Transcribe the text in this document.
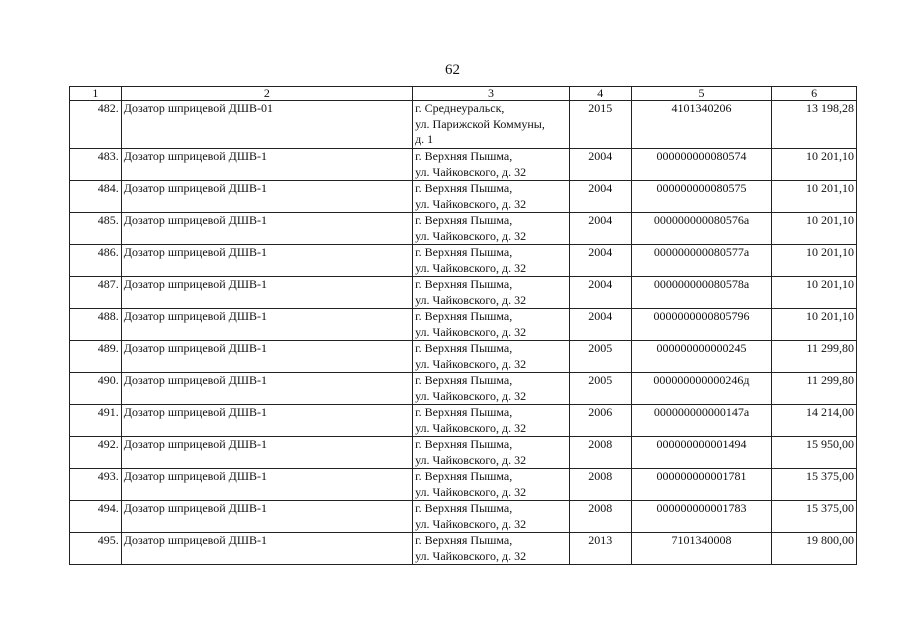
62
1	2	3	4	5	6
482.	Дозатор шприцевой ДШВ-01	г. Среднеуральск,
ул. Парижской Коммуны,
д. 1	2015	4101340206	13 198,28
483.	Дозатор шприцевой ДШВ-1	г. Верхняя Пышма,
ул. Чайковского, д. 32	2004	000000000080574	10 201,10
484.	Дозатор шприцевой ДШВ-1	г. Верхняя Пышма,
ул. Чайковского, д. 32	2004	000000000080575	10 201,10
485.	Дозатор шприцевой ДШВ-1	г. Верхняя Пышма,
ул. Чайковского, д. 32	2004	000000000080576а	10 201,10
486.	Дозатор шприцевой ДШВ-1	г. Верхняя Пышма,
ул. Чайковского, д. 32	2004	000000000080577а	10 201,10
487.	Дозатор шприцевой ДШВ-1	г. Верхняя Пышма,
ул. Чайковского, д. 32	2004	000000000080578а	10 201,10
488.	Дозатор шприцевой ДШВ-1	г. Верхняя Пышма,
ул. Чайковского, д. 32	2004	0000000000805796	10 201,10
489.	Дозатор шприцевой ДШВ-1	г. Верхняя Пышма,
ул. Чайковского, д. 32	2005	000000000000245	11 299,80
490.	Дозатор шприцевой ДШВ-1	г. Верхняя Пышма,
ул. Чайковского, д. 32	2005	000000000000246д	11 299,80
491.	Дозатор шприцевой ДШВ-1	г. Верхняя Пышма,
ул. Чайковского, д. 32	2006	000000000000147а	14 214,00
492.	Дозатор шприцевой ДШВ-1	г. Верхняя Пышма,
ул. Чайковского, д. 32	2008	000000000001494	15 950,00
493.	Дозатор шприцевой ДШВ-1	г. Верхняя Пышма,
ул. Чайковского, д. 32	2008	000000000001781	15 375,00
494.	Дозатор шприцевой ДШВ-1	г. Верхняя Пышма,
ул. Чайковского, д. 32	2008	000000000001783	15 375,00
495.	Дозатор шприцевой ДШВ-1	г. Верхняя Пышма,
ул. Чайковского, д. 32	2013	7101340008	19 800,00
